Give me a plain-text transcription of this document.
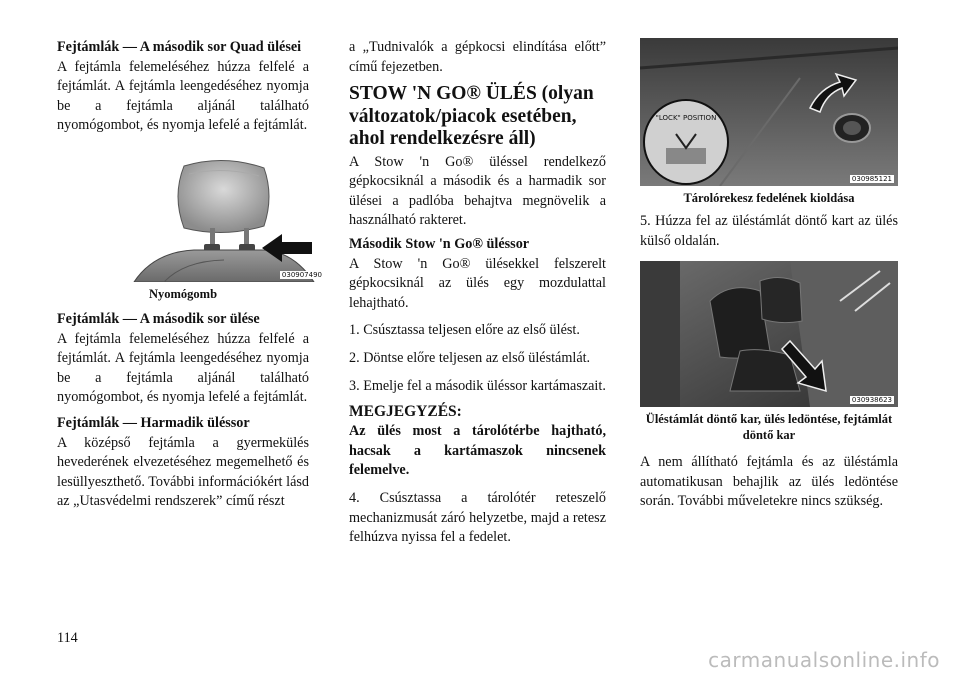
Fejtámlák — A második sor Quad ülései

A fejtámla felemeléséhez húzza felfelé a fejtámlát. A fejtámla leengedéséhez nyomja be a fejtámla aljánál található nyomógombot, és nyomja lefelé a fejtámlát.

030907490
Nyomógomb
Fejtámlák — A második sor ülése

A fejtámla felemeléséhez húzza felfelé a fejtámlát. A fejtámla leengedéséhez nyomja be a fejtámla aljánál található nyomógombot, és nyomja lefelé a fejtámlát.

Fejtámlák — Harmadik üléssor

A középső fejtámla a gyermekülés hevederének elvezetéséhez megemelhető és lesüllyeszthető. További információkért lásd az „Utasvédelmi rendszerek” című részt

a „Tudnivalók a gépkocsi elindítása előtt” című fejezetben.

STOW 'N GO® ÜLÉS (olyan változatok/piacok esetében, ahol rendelkezésre áll)

A Stow 'n Go® üléssel rendelkező gépkocsiknál a második és a harmadik sor ülései a padlóba behajtva megnövelik a használható rakteret.

Második Stow 'n Go® üléssor

A Stow 'n Go® ülésekkel felszerelt gépkocsiknál az ülés egy mozdulattal lehajtható.

1. Csúsztassa teljesen előre az első ülést.

2. Döntse előre teljesen az első üléstámlát.

3. Emelje fel a második üléssor kartámaszait.

MEGJEGYZÉS:

Az ülés most a tárolótérbe hajtható, hacsak a kartámaszok nincsenek felemelve.

4. Csúsztassa a tárolótér reteszelő mechanizmusát záró helyzetbe, majd a retesz felhúzva nyissa fel a fedelet.

"LOCK" POSITION
030985121
Tárolórekesz fedelének kioldása

5. Húzza fel az üléstámlát döntő kart az ülés külső oldalán.

030938623
Üléstámlát döntő kar, ülés ledöntése, fejtámlát döntő kar

A nem állítható fejtámla és az üléstámla automatikusan behajlik az ülés ledöntése során. További műveletekre nincs szükség.

114
carmanualsonline.info
